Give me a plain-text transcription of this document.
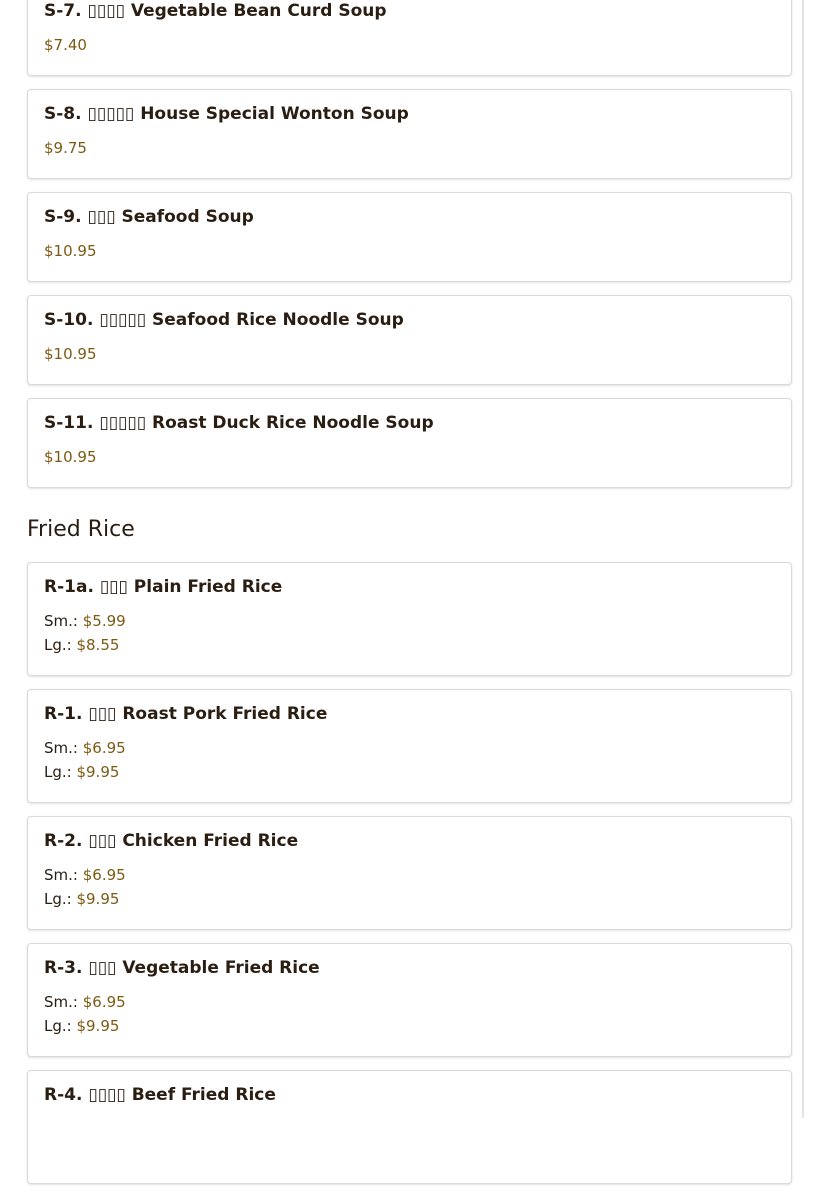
S-7. ▯▯▯▯ Vegetable Bean Curd Soup
$7.40
S-8. ▯▯▯▯▯ House Special Wonton Soup
$9.75
S-9. ▯▯▯ Seafood Soup
$10.95
S-10. ▯▯▯▯▯ Seafood Rice Noodle Soup
$10.95
S-11. ▯▯▯▯▯ Roast Duck Rice Noodle Soup
$10.95
Fried Rice
R-1a. ▯▯▯ Plain Fried Rice
Sm.: $5.99
Lg.: $8.55
R-1. ▯▯▯ Roast Pork Fried Rice
Sm.: $6.95
Lg.: $9.95
R-2. ▯▯▯ Chicken Fried Rice
Sm.: $6.95
Lg.: $9.95
R-3. ▯▯▯ Vegetable Fried Rice
Sm.: $6.95
Lg.: $9.95
R-4. ▯▯▯▯ Beef Fried Rice
